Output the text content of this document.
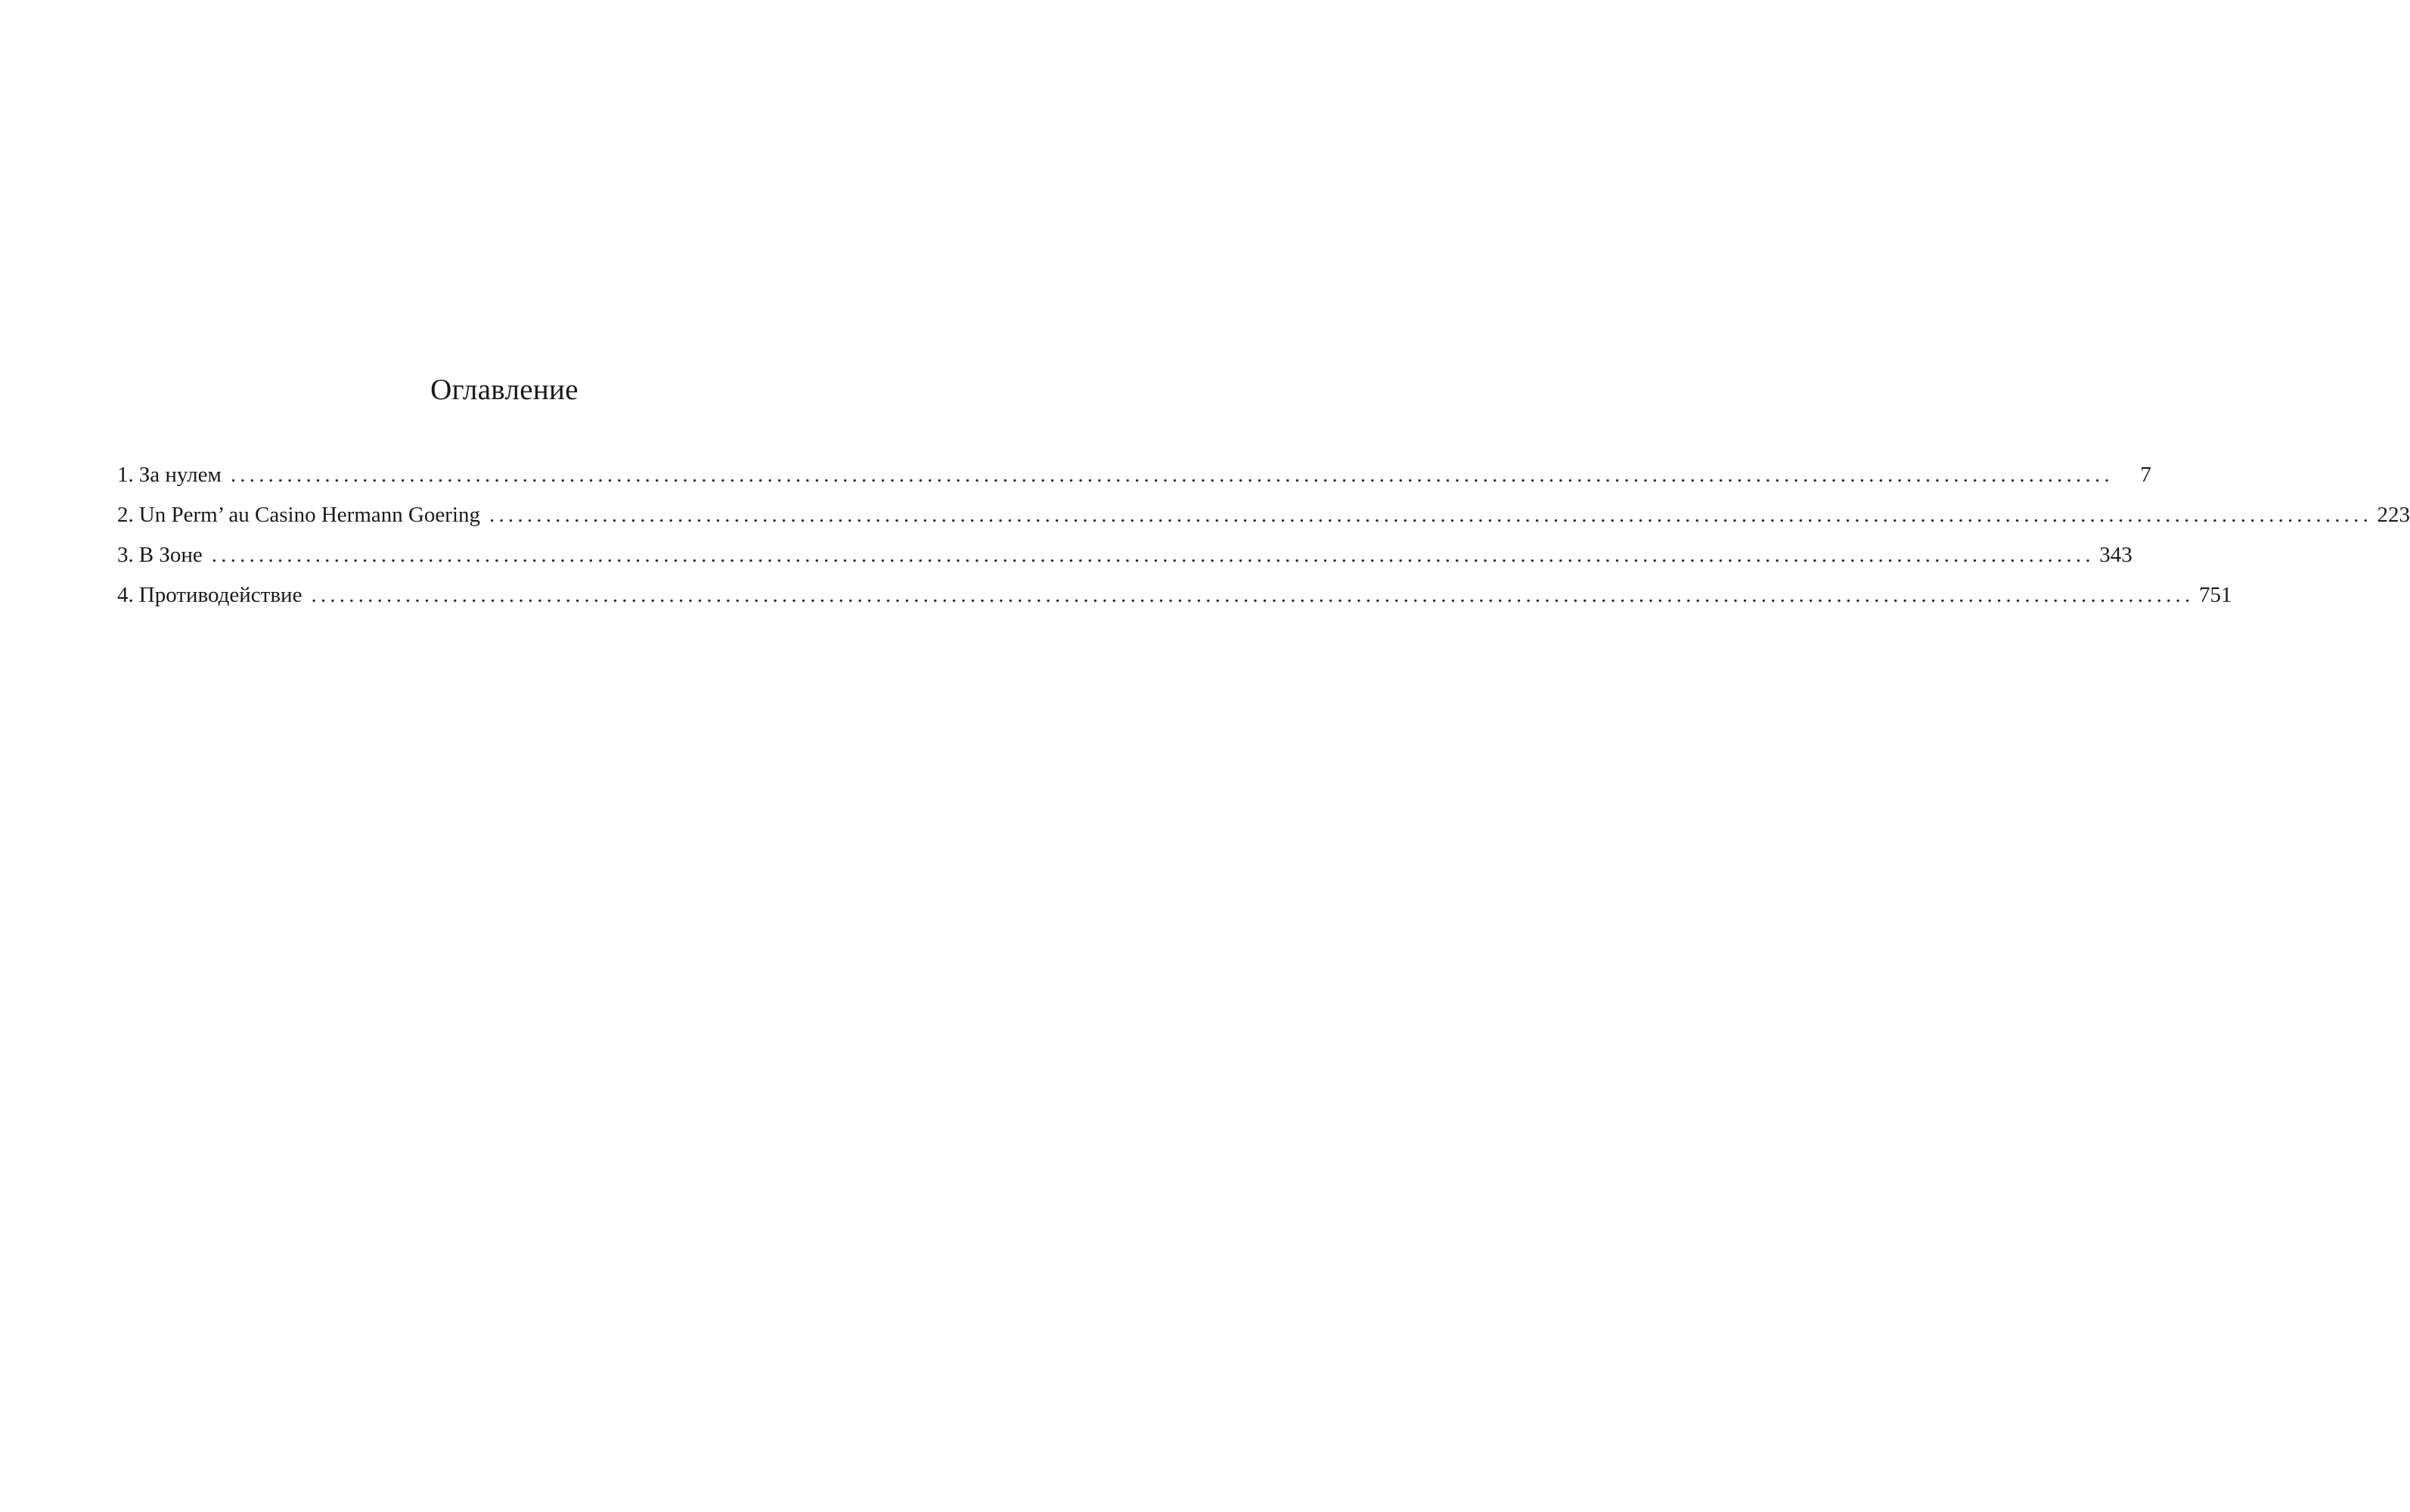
Оглавление
1. За нулем ........................................................................................................................................................................................................	7
2. Un Perm’ au Casino Hermann Goering ........................................................................................................................................................................................................ 223
3. В Зоне ........................................................................................................................................................................................................ 343
4. Противодействие ........................................................................................................................................................................................................ 751
